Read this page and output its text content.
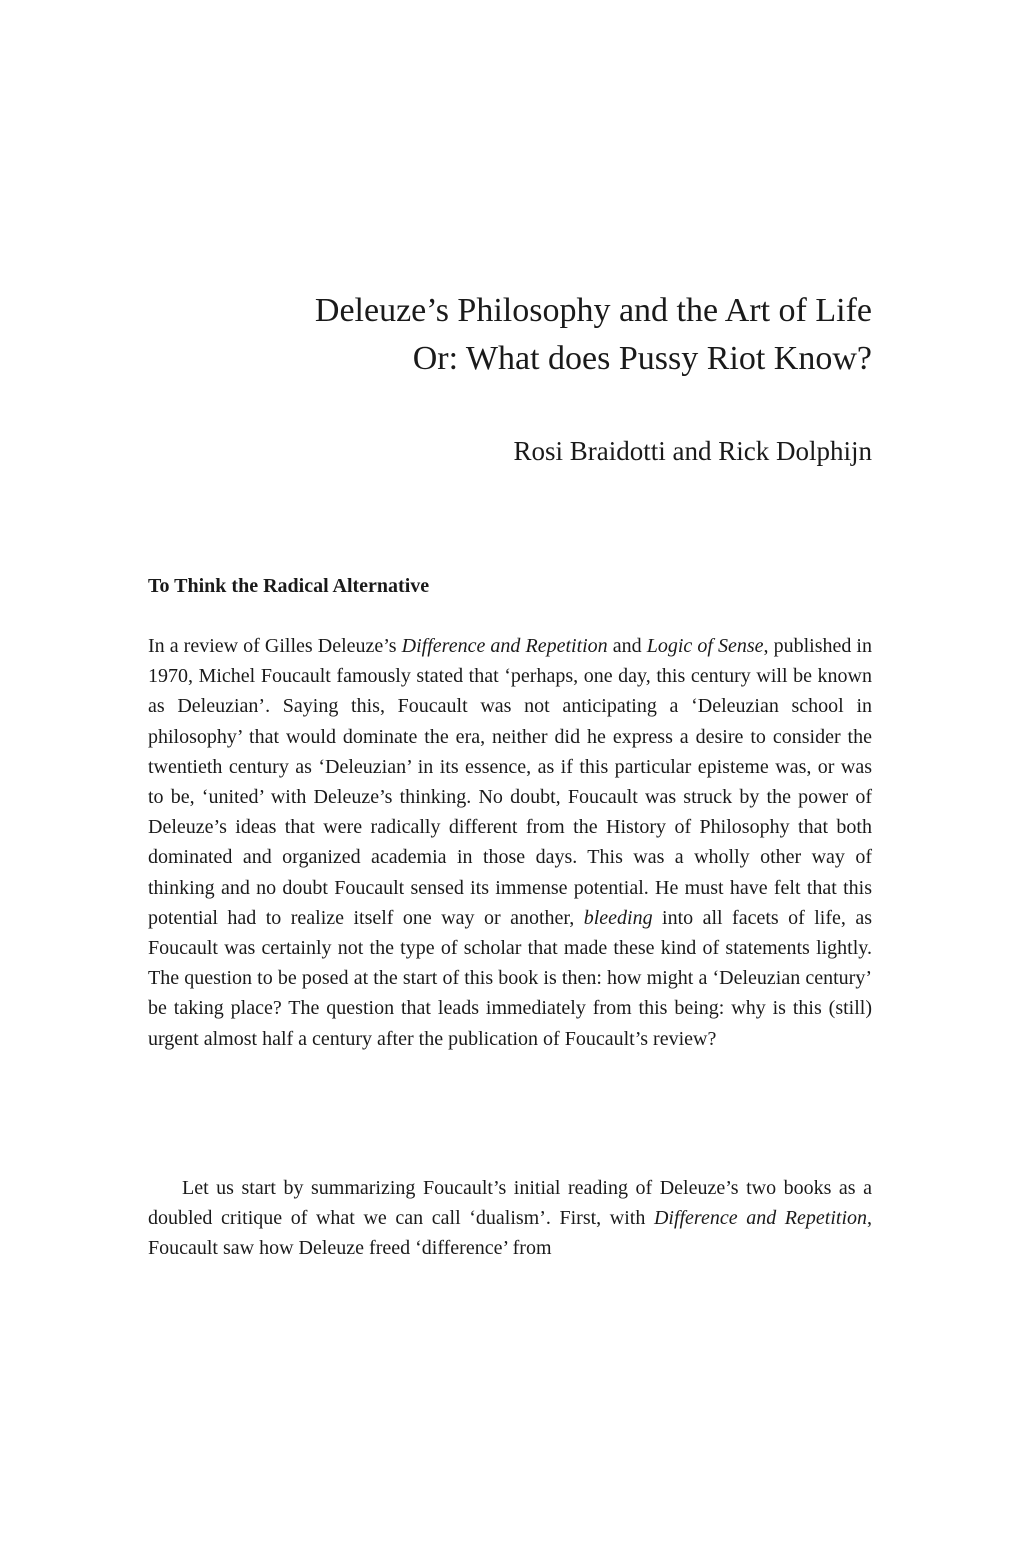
Deleuze’s Philosophy and the Art of Life
Or: What does Pussy Riot Know?

Rosi Braidotti and Rick Dolphijn

To Think the Radical Alternative

In a review of Gilles Deleuze’s Difference and Repetition and Logic of Sense, published in 1970, Michel Foucault famously stated that ‘perhaps, one day, this century will be known as Deleuzian’. Saying this, Foucault was not anticipating a ‘Deleuzian school in philosophy’ that would dominate the era, neither did he express a desire to consider the twentieth century as ‘Deleuzian’ in its essence, as if this particular episteme was, or was to be, ‘united’ with Deleuze’s thinking. No doubt, Foucault was struck by the power of Deleuze’s ideas that were radically different from the History of Philosophy that both dominated and organized academia in those days. This was a wholly other way of thinking and no doubt Foucault sensed its immense potential. He must have felt that this potential had to realize itself one way or another, bleeding into all facets of life, as Foucault was certainly not the type of scholar that made these kind of statements lightly. The question to be posed at the start of this book is then: how might a ‘Deleuzian century’ be taking place? The question that leads immediately from this being: why is this (still) urgent almost half a century after the publication of Foucault’s review?

Let us start by summarizing Foucault’s initial reading of Deleuze’s two books as a doubled critique of what we can call ‘dualism’. First, with Difference and Repetition, Foucault saw how Deleuze freed ‘difference’ from
